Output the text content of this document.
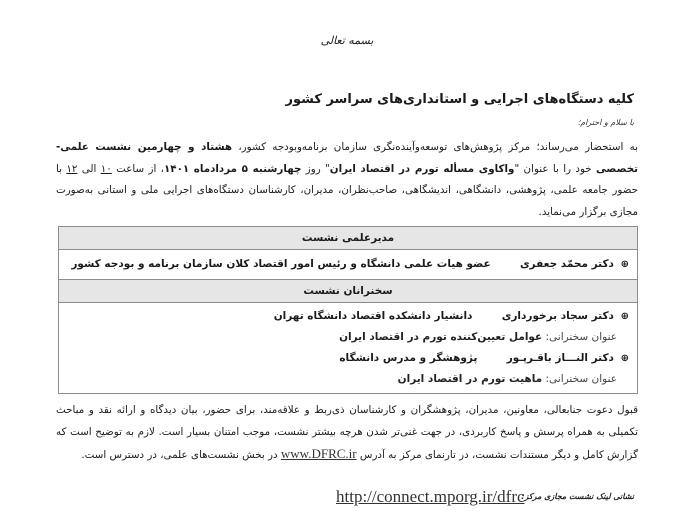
بسمه تعالی
کلیه دستگاه‌های اجرایی و استانداری‌های سراسر کشور
با سلام و احترام؛
به استحضار می‌رساند؛ مرکز پژوهش‌های توسعه‌وآینده‌نگری سازمان برنامه‌وبودجه کشور، هشتاد و چهارمین نشست علمی- تخصصی خود را با عنوان "واکاوی مسأله تورم در اقتصاد ایران" روز چهارشنبه ۵ مردادماه ۱۴۰۱، از ساعت ۱۰ الی ۱۲ با حضور جامعه علمی، پژوهشی، دانشگاهی، اندیشگاهی، صاحب‌نظران، مدیران، کارشناسان دستگاه‌های اجرایی ملی و استانی به‌صورت مجازی برگزار می‌نماید.
مدیرعلمی نشست
⊕ دکتر محمّد جعفری  عضو هیات علمی دانشگاه و رئیس امور اقتصاد کلان سازمان برنامه و بودجه کشور
سخنرانان نشست
⊕ دکتر سجاد برخورداری  دانشیار دانشکده اقتصاد دانشگاه تهران
عنوان سخنرانی: عوامل تعیین‌کننده تورم در اقتصاد ایران
⊕ دکتر النـــاز باقـرپـور  پژوهشگر و مدرس دانشگاه
عنوان سخنرانی: ماهیت تورم در اقتصاد ایران
قبول دعوت جنابعالی، معاونین، مدیران، پژوهشگران و کارشناسان ذی‌ربط و علاقه‌مند، برای حضور، بیان دیدگاه و ارائه نقد و مباحث تکمیلی به همراه پرسش و پاسخ کاربردی، در جهت غنی‌تر شدن هرچه بیشتر نشست، موجب امتنان بسیار است. لازم به توضیح است که گزارش کامل و دیگر مستندات نشست، در تارنمای مرکز به آدرس www.DFRC.ir در بخش نشست‌های علمی، در دسترس است.
نشانی لینک نشست مجازی مرکز:
http://connect.mporg.ir/dfrc
